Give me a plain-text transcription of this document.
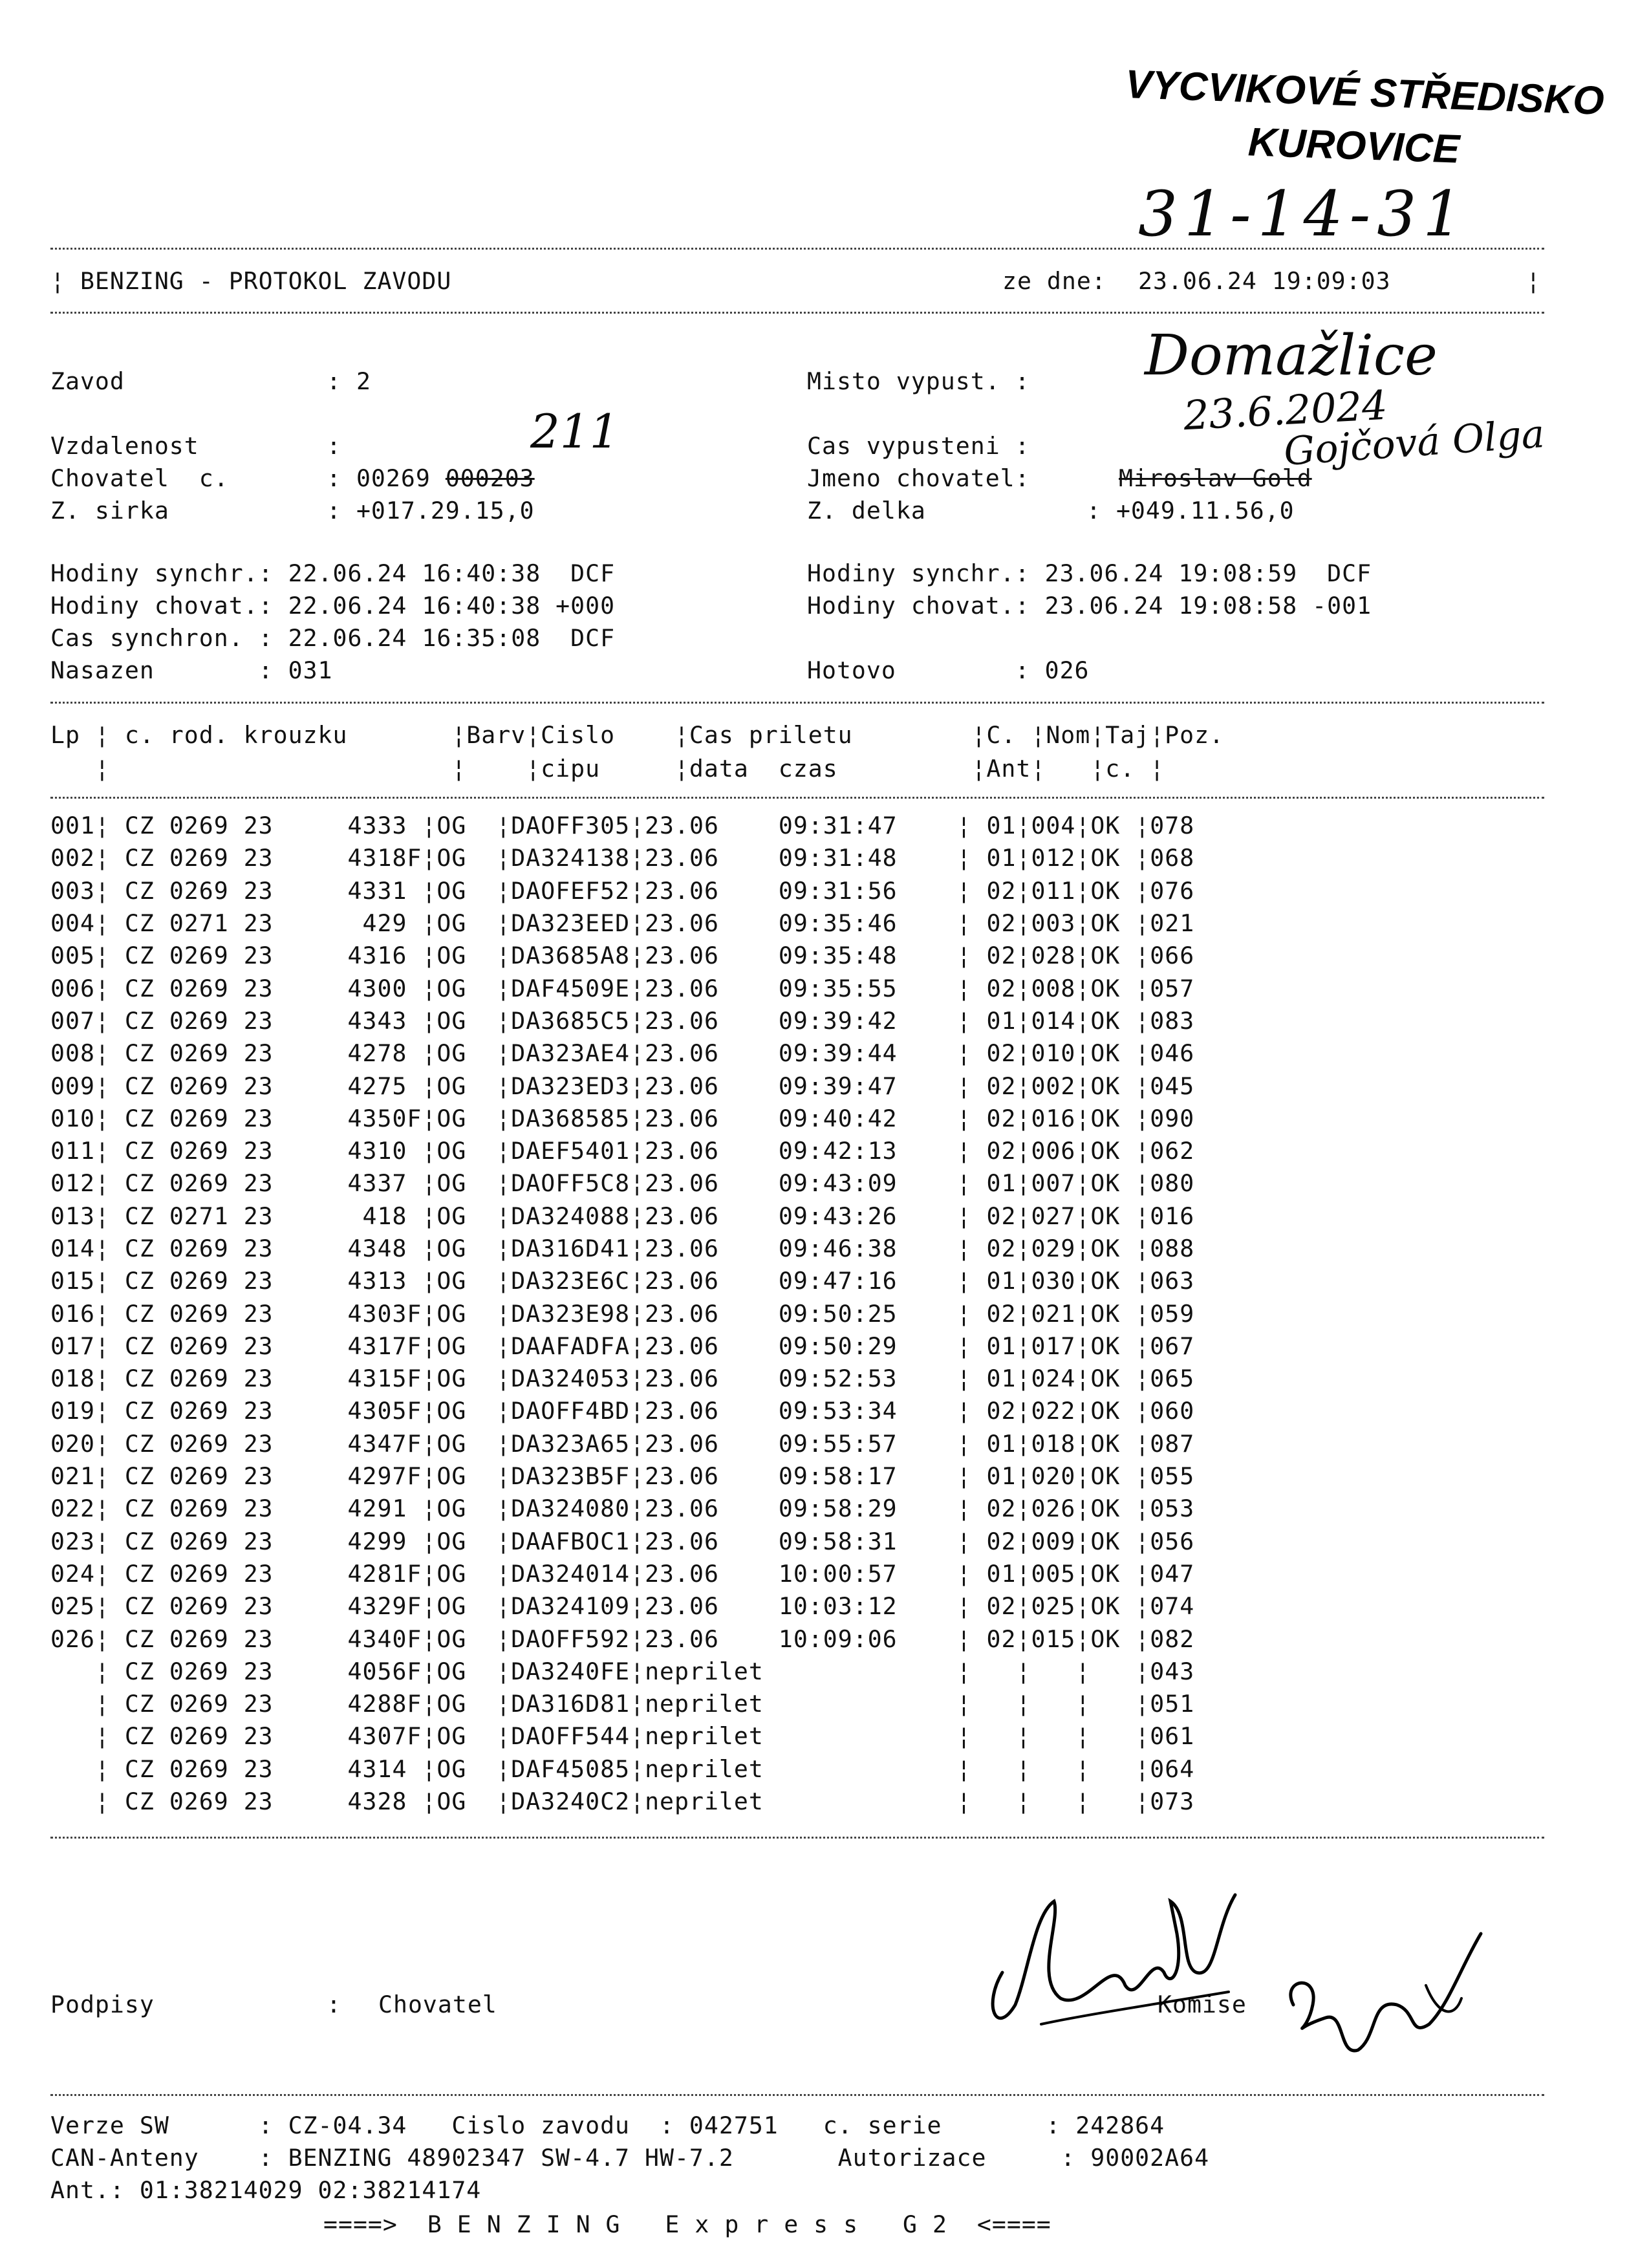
VYCVIKOVÉ STŘEDISKO
KUROVICE
31-14-31
¦ BENZING - PROTOKOL ZAVODU	ze dne: 23.06.24 19:09:03	¦
Zavod	: 2	Misto vypust. : Domažlice
Vzdalenost	:	211	Cas vypusteni :
23.6.2024
Chovatel  c.	: 00269 000203	Jmeno chovatel:	Miroslav Gold
Gojčová Olga
Z. sirka	: +017.29.15,0	Z. delka	: +049.11.56,0
Hodiny synchr.: 22.06.24 16:40:38  DCF
Hodiny chovat.: 22.06.24 16:40:38 +000
Cas synchron. : 22.06.24 16:35:08  DCF
Nasazen       : 031
Hodiny synchr.: 23.06.24 19:08:59  DCF
Hodiny chovat.: 23.06.24 19:08:58 -001
Hotovo        : 026
Lp ¦ c. rod. krouzku       ¦Barv¦Cislo    ¦Cas priletu        ¦C. ¦Nom¦Taj¦Poz.
¦                       ¦    ¦cipu     ¦data  czas         ¦Ant¦   ¦c. ¦
001	¦	CZ 0269 23	4333	¦	OG	¦	DAOFF305	¦	23.06	09:31:47	¦	01	¦	004	¦	OK	¦	078
002	¦	CZ 0269 23	4318F	¦	OG	¦	DA324138	¦	23.06	09:31:48	¦	01	¦	012	¦	OK	¦	068
003	¦	CZ 0269 23	4331	¦	OG	¦	DAOFEF52	¦	23.06	09:31:56	¦	02	¦	011	¦	OK	¦	076
004	¦	CZ 0271 23	429	¦	OG	¦	DA323EED	¦	23.06	09:35:46	¦	02	¦	003	¦	OK	¦	021
005	¦	CZ 0269 23	4316	¦	OG	¦	DA3685A8	¦	23.06	09:35:48	¦	02	¦	028	¦	OK	¦	066
006	¦	CZ 0269 23	4300	¦	OG	¦	DAF4509E	¦	23.06	09:35:55	¦	02	¦	008	¦	OK	¦	057
007	¦	CZ 0269 23	4343	¦	OG	¦	DA3685C5	¦	23.06	09:39:42	¦	01	¦	014	¦	OK	¦	083
008	¦	CZ 0269 23	4278	¦	OG	¦	DA323AE4	¦	23.06	09:39:44	¦	02	¦	010	¦	OK	¦	046
009	¦	CZ 0269 23	4275	¦	OG	¦	DA323ED3	¦	23.06	09:39:47	¦	02	¦	002	¦	OK	¦	045
010	¦	CZ 0269 23	4350F	¦	OG	¦	DA368585	¦	23.06	09:40:42	¦	02	¦	016	¦	OK	¦	090
011	¦	CZ 0269 23	4310	¦	OG	¦	DAEF5401	¦	23.06	09:42:13	¦	02	¦	006	¦	OK	¦	062
012	¦	CZ 0269 23	4337	¦	OG	¦	DAOFF5C8	¦	23.06	09:43:09	¦	01	¦	007	¦	OK	¦	080
013	¦	CZ 0271 23	418	¦	OG	¦	DA324088	¦	23.06	09:43:26	¦	02	¦	027	¦	OK	¦	016
014	¦	CZ 0269 23	4348	¦	OG	¦	DA316D41	¦	23.06	09:46:38	¦	02	¦	029	¦	OK	¦	088
015	¦	CZ 0269 23	4313	¦	OG	¦	DA323E6C	¦	23.06	09:47:16	¦	01	¦	030	¦	OK	¦	063
016	¦	CZ 0269 23	4303F	¦	OG	¦	DA323E98	¦	23.06	09:50:25	¦	02	¦	021	¦	OK	¦	059
017	¦	CZ 0269 23	4317F	¦	OG	¦	DAAFADFA	¦	23.06	09:50:29	¦	01	¦	017	¦	OK	¦	067
018	¦	CZ 0269 23	4315F	¦	OG	¦	DA324053	¦	23.06	09:52:53	¦	01	¦	024	¦	OK	¦	065
019	¦	CZ 0269 23	4305F	¦	OG	¦	DAOFF4BD	¦	23.06	09:53:34	¦	02	¦	022	¦	OK	¦	060
020	¦	CZ 0269 23	4347F	¦	OG	¦	DA323A65	¦	23.06	09:55:57	¦	01	¦	018	¦	OK	¦	087
021	¦	CZ 0269 23	4297F	¦	OG	¦	DA323B5F	¦	23.06	09:58:17	¦	01	¦	020	¦	OK	¦	055
022	¦	CZ 0269 23	4291	¦	OG	¦	DA324080	¦	23.06	09:58:29	¦	02	¦	026	¦	OK	¦	053
023	¦	CZ 0269 23	4299	¦	OG	¦	DAAFBOC1	¦	23.06	09:58:31	¦	02	¦	009	¦	OK	¦	056
024	¦	CZ 0269 23	4281F	¦	OG	¦	DA324014	¦	23.06	10:00:57	¦	01	¦	005	¦	OK	¦	047
025	¦	CZ 0269 23	4329F	¦	OG	¦	DA324109	¦	23.06	10:03:12	¦	02	¦	025	¦	OK	¦	074
026	¦	CZ 0269 23	4340F	¦	OG	¦	DAOFF592	¦	23.06	10:09:06	¦	02	¦	015	¦	OK	¦	082
	¦	CZ 0269 23	4056F	¦	OG	¦	DA3240FE	¦	neprilet		¦		¦		¦		¦	043
	¦	CZ 0269 23	4288F	¦	OG	¦	DA316D81	¦	neprilet		¦		¦		¦		¦	051
	¦	CZ 0269 23	4307F	¦	OG	¦	DAOFF544	¦	neprilet		¦		¦		¦		¦	061
	¦	CZ 0269 23	4314	¦	OG	¦	DAF45085	¦	neprilet		¦		¦		¦		¦	064
	¦	CZ 0269 23	4328	¦	OG	¦	DA3240C2	¦	neprilet		¦		¦		¦		¦	073
Podpisy	: Chovatel	Komise
Verze SW      : CZ-04.34   Cislo zavodu  : 042751   c. serie       : 242864
CAN-Anteny    : BENZING 48902347 SW-4.7 HW-7.2       Autorizace     : 90002A64
Ant.: 01:38214029 02:38214174
====>  B E N Z I N G   E x p r e s s   G 2  <====
